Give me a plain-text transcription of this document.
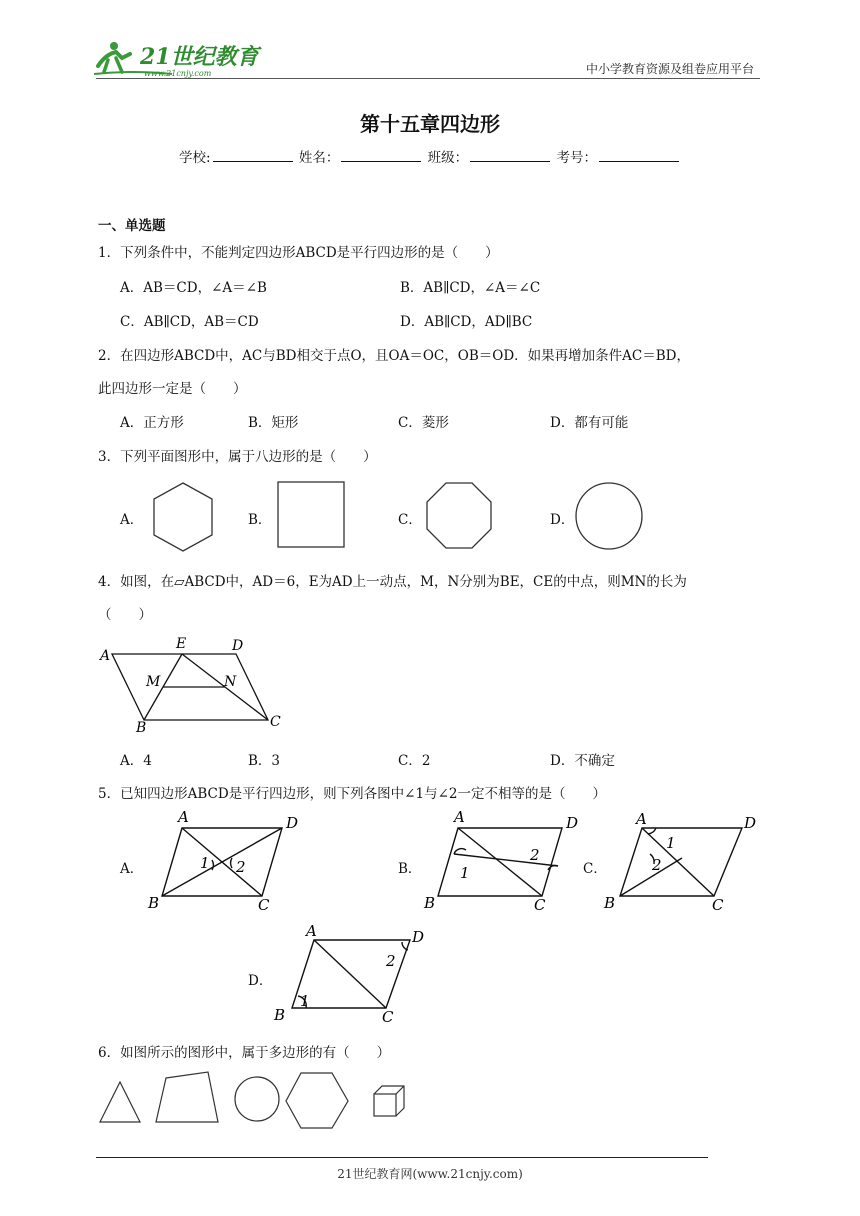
21世纪教育
www.21cnjy.com	中小学教育资源及组卷应用平台
第十五章四边形
学校:	姓名：	班级：	考号：
一、单选题
1．下列条件中，不能判定四边形ABCD是平行四边形的是（　　）
A．AB＝CD，∠A＝∠B	B．AB∥CD，∠A＝∠C
C．AB∥CD，AB＝CD	D．AB∥CD，AD∥BC
2．在四边形ABCD中，AC与BD相交于点O，且OA＝OC，OB＝OD．如果再增加条件AC＝BD，
此四边形一定是（　　）
A．正方形	B．矩形	C．菱形	D．都有可能
3．下列平面图形中，属于八边形的是（　　）
A．	B．	C．	D．
4．如图，在▱ABCD中，AD＝6，E为AD上一动点，M，N分别为BE，CE的中点，则MN的长为
（　　）
A
E	D
M	N
B	C
A．4	B．3	C．2	D．不确定
5．已知四边形ABCD是平行四边形，则下列各图中∠1与∠2一定不相等的是（　　）
A．
A	D
B	C
1 2	B．
A	D
B	C
1
2
C．
A	D
B	C
1
2
D．
A	D
B	C
1
2
6．如图所示的图形中，属于多边形的有（　　）
21世纪教育网(www.21cnjy.com)
